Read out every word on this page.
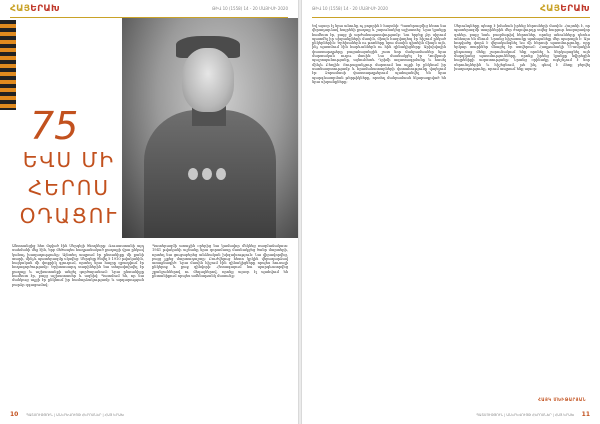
ՀԱՅԵՐԱԽ	ԹԻՎ 10 (1558) 14 - 20 ՄԱՅԻՍԻ 2020
75
ԵՎՍ ՄԻ
ՀԵՐՈՍ
ՕԴԱՑՈՒ
Անտոանցից հեռ մղված էին Սերգեյի ծնողները: Ռուսաստանի այդ սահմանի մեջ էին, երբ մեծապես հաղթանակած քաղաքի վրա ընկավ կանաչ խաղաղությունը: Այնտեղ ապրում էր ընտանիքը մի քանի տարի, մինչև պատերազմը սկսվեց: Սերգեյը ծնվել է 1910 թվականին, հայկական մի փոքրիկ գյուղում, որտեղ նրա հայրը զբաղվում էր հողագործությամբ: Երիտասարդ տարիներին նա տեղափոխվել էր քաղաք և աշխատանքի անցել գործարանում: Նրա ընտանիքը համեստ էր, բայց աշխատասեր և ազնիվ: Պատմում են, որ նա մանկուց աչքի էր ընկնում իր համարձակությամբ և արդարության բարձր զգացումով:
Պատերազմի առաջին օրերից նա կամավոր մեկնեց ռազմաճակատ: 1941 թվականի աշնանը նրա զորամասը մասնակցեց ծանր մարտերի, որտեղ նա ցուցաբերեց անձնական խիզախություն: Նա վիրավորվեց, բայց չլքեց մարտադաշտը: Բուժվելուց հետո կրկին վերադարձավ առաջնագիծ: Նրա մասին հիշում էին զինակիցները որպես հուսալի ընկերոջ և քաջ զինվորի: Հետագայում նա պարգևատրվեց շքանշաններով ու մեդալներով, որոնք այսօր էլ պահվում են ընտանիքում որպես ամենաթանկ մասունք:
10 ՊԱՏՄՈՒԹՅՈՒՆ | ԱՆԵՐԵՎՈՒՅԹ ՀԵՐՈՍՆԵՐ | ՀԱՅ ԵՐԱԽ
ԹԻՎ 10 (1558) 14 - 20 ՄԱՅԻՍԻ 2020	ՀԱՅԵՐԱԽ
Եվ այսօր էլ նրա անունը ոչ բոլորին է հայտնի: Պատերազմից հետո նա վերադարձավ հայրենի քաղաք և շարունակեց աշխատել: Նրա կյանքը համեստ էր, բայց լի արժանապատվությամբ: Նա երբեք չէր սիրում պատմել իր սխրանքների մասին, միայն հազվադեպ էր հիշում ընկած ընկերներին: Երեխաներն ու թոռները նրա մասին գիտեին միայն այն, ինչ պատմում էին հարևաններն ու հին զինակիցները: Արխիվային փաստաթղթերը բացահայտեցին շատ նոր մանրամասներ նրա մարտական ուղու մասին: Նա մասնակցել էր Կովկասի պաշտպանությանը, այնուհետև Ղրիմի ազատագրմանը և հասել մինչև Բեռլին: Յուրաքանչյուր մարտում նա աչքի էր ընկնում իր սառնասրտությամբ և հրամանատարների վստահությունը վայելում էր: Զորամասի փաստաթղթերում պահպանվել են նրա պարգևատրման թերթիկները, որտեղ մանրամասն նկարագրված են նրա սխրանքները:
Սերունդները պետք է իմանան իրենց հերոսների մասին: Հայտնի է, որ պատերազմի տարիներին մեր ժողովուրդը տվեց հարյուր հազարավոր զոհեր, բայց նաև բազմաթիվ հերոսներ, որոնց անունները դեռևս անհայտ են մնում: Նրանց հիշատակը պահպանելը մեր պարտքն է: Այս հոդվածը փորձ է վերականգնել ևս մի հերոսի պատմությունը, որը երկար տարիներ մնացել էր ստվերում: Հաղթանակի 75-ամյակին ընդառաջ մենք շարունակում ենք որոնել և ներկայացնել այն մարդկանց պատմությունները, որոնք իրենց կյանքը նվիրեցին հայրենիքի ազատությանը: Նրանց օրինակը ոգեշնչում է նոր սերունդներին և հիշեցնում, թե ինչ գնով է ձեռք բերվել խաղաղությունը, որում ապրում ենք այսօր:
ՀԱՅԿ ՄԽԻԹԱՐՅԱՆ
ՊԱՏՄՈՒԹՅՈՒՆ | ԱՆԵՐԵՎՈՒՅԹ ՀԵՐՈՍՆԵՐ | ՀԱՅ ԵՐԱԽ 11
